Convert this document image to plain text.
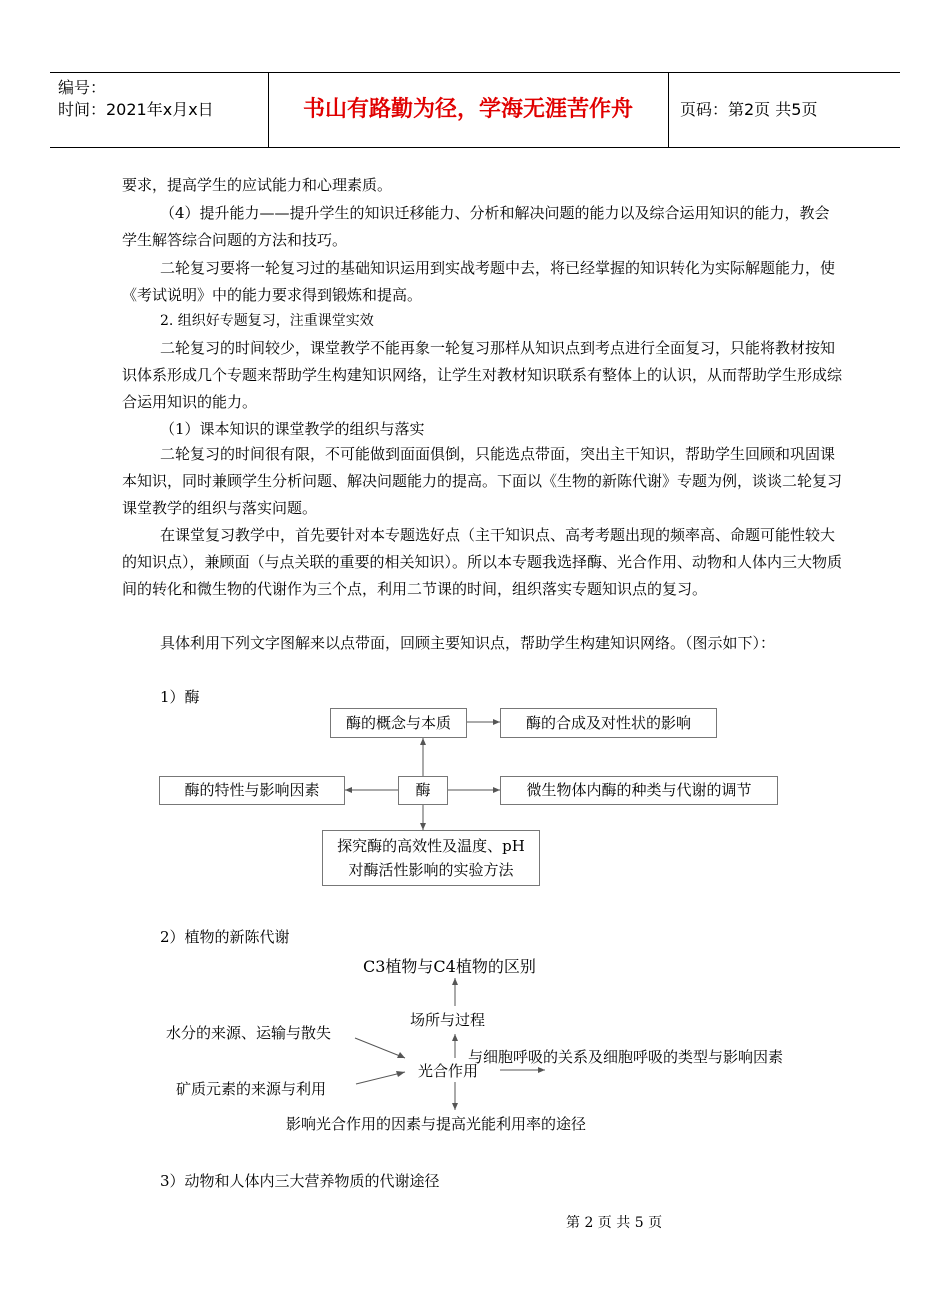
编号：
时间：2021年x月x日	书山有路勤为径，学海无涯苦作舟	页码：第2页 共5页
要求，提高学生的应试能力和心理素质。
（4）提升能力——提升学生的知识迁移能力、分析和解决问题的能力以及综合运用知识的能力，教会学生解答综合问题的方法和技巧。
二轮复习要将一轮复习过的基础知识运用到实战考题中去，将已经掌握的知识转化为实际解题能力，使《考试说明》中的能力要求得到锻炼和提高。
2. 组织好专题复习，注重课堂实效
二轮复习的时间较少，课堂教学不能再象一轮复习那样从知识点到考点进行全面复习，只能将教材按知识体系形成几个专题来帮助学生构建知识网络，让学生对教材知识联系有整体上的认识，从而帮助学生形成综合运用知识的能力。
（1）课本知识的课堂教学的组织与落实
二轮复习的时间很有限，不可能做到面面俱倒，只能选点带面，突出主干知识，帮助学生回顾和巩固课本知识，同时兼顾学生分析问题、解决问题能力的提高。下面以《生物的新陈代谢》专题为例，谈谈二轮复习课堂教学的组织与落实问题。
在课堂复习教学中，首先要针对本专题选好点（主干知识点、高考考题出现的频率高、命题可能性较大的知识点），兼顾面（与点关联的重要的相关知识）。所以本专题我选择酶、光合作用、动物和人体内三大物质间的转化和微生物的代谢作为三个点，利用二节课的时间，组织落实专题知识点的复习。
具体利用下列文字图解来以点带面，回顾主要知识点，帮助学生构建知识网络。（图示如下）：
1）酶
酶的概念与本质	酶的合成及对性状的影响
酶的特性与影响因素	酶	微生物体内酶的种类与代谢的调节
探究酶的高效性及温度、pH
对酶活性影响的实验方法
2）植物的新陈代谢
C3植物与C4植物的区别
场所与过程
水分的来源、运输与散失
光合作用
与细胞呼吸的关系及细胞呼吸的类型与影响因素
矿质元素的来源与利用
影响光合作用的因素与提高光能利用率的途径
3）动物和人体内三大营养物质的代谢途径
第 2 页 共 5 页
